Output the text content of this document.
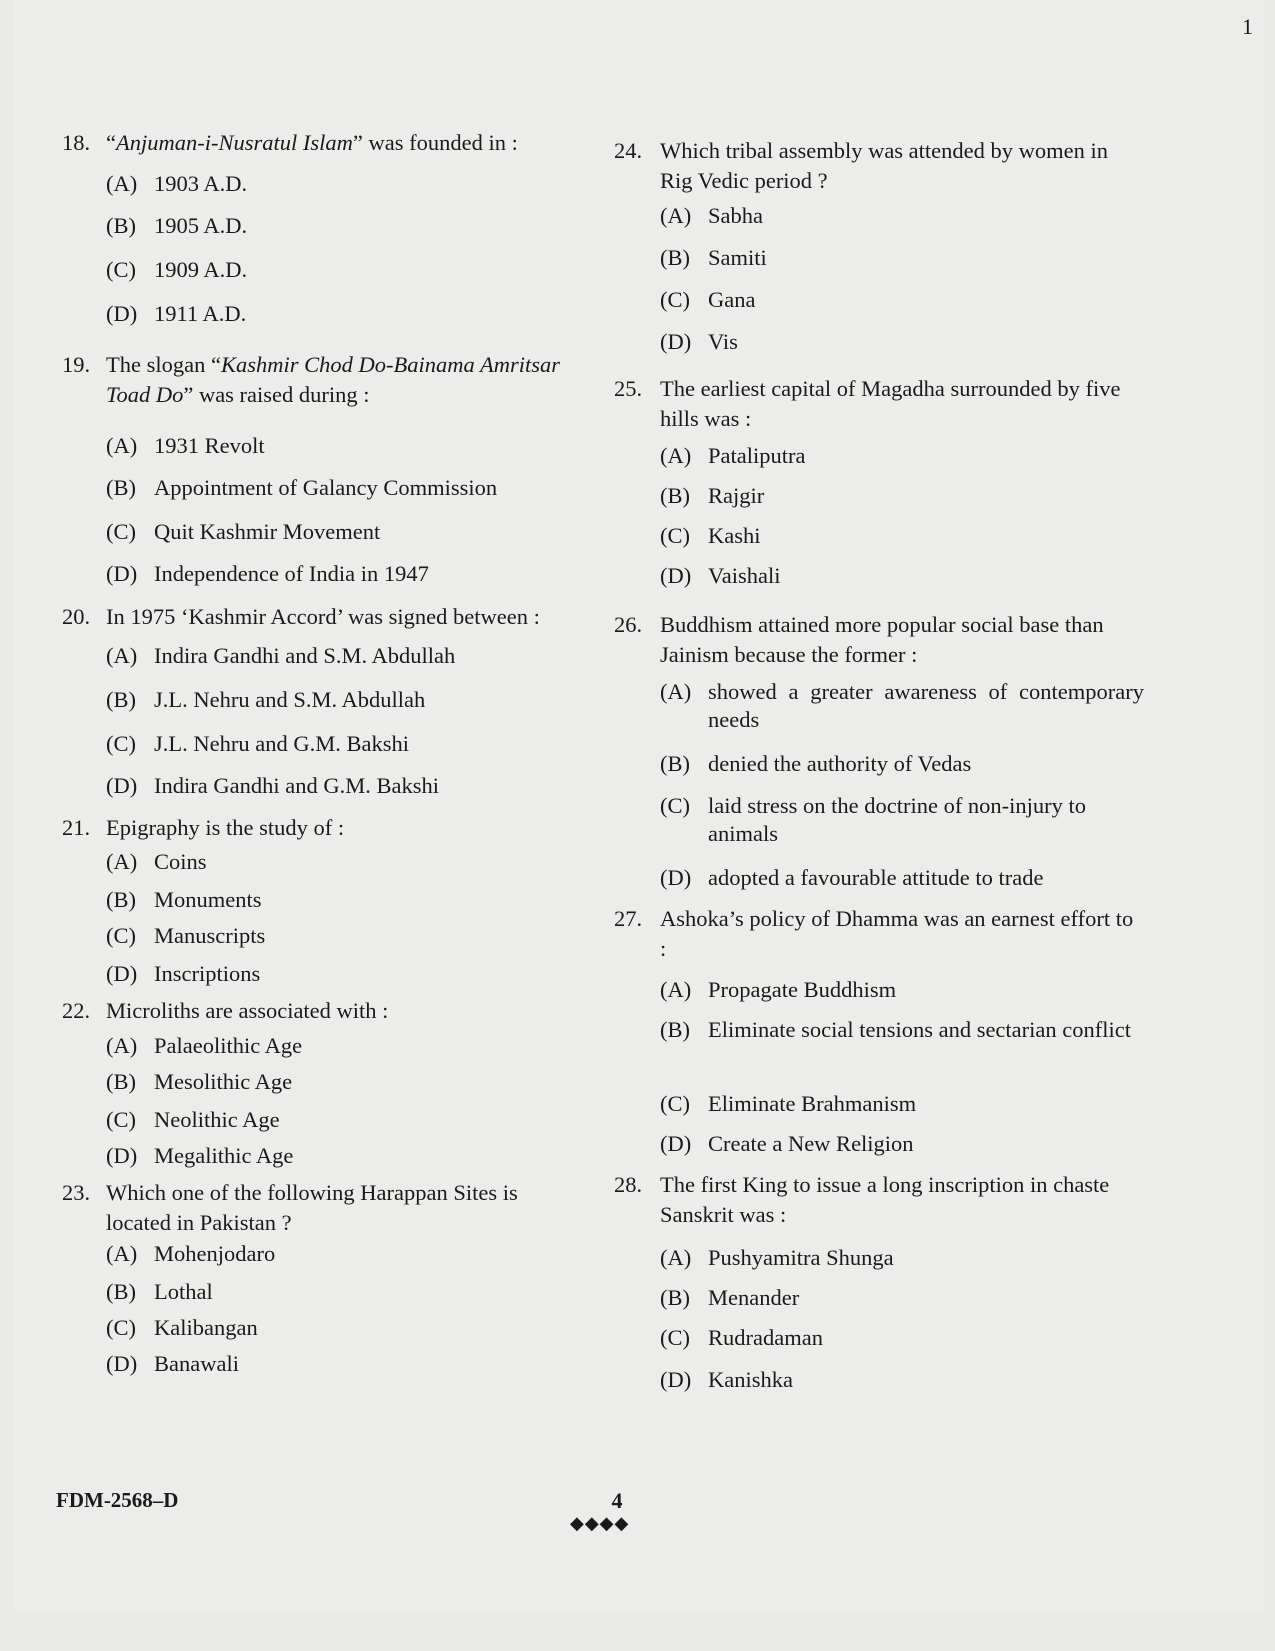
1
18. “Anjuman-i-Nusratul Islam” was founded in :
(A) 1903 A.D.
(B) 1905 A.D.
(C) 1909 A.D.
(D) 1911 A.D.
19. The slogan “Kashmir Chod Do-Bainama Amritsar Toad Do” was raised during :
(A) 1931 Revolt
(B) Appointment of Galancy Commission
(C) Quit Kashmir Movement
(D) Independence of India in 1947
20. In 1975 ‘Kashmir Accord’ was signed between :
(A) Indira Gandhi and S.M. Abdullah
(B) J.L. Nehru and S.M. Abdullah
(C) J.L. Nehru and G.M. Bakshi
(D) Indira Gandhi and G.M. Bakshi
21. Epigraphy is the study of :
(A) Coins
(B) Monuments
(C) Manuscripts
(D) Inscriptions
22. Microliths are associated with :
(A) Palaeolithic Age
(B) Mesolithic Age
(C) Neolithic Age
(D) Megalithic Age
23. Which one of the following Harappan Sites is located in Pakistan ?
(A) Mohenjodaro
(B) Lothal
(C) Kalibangan
(D) Banawali
24. Which tribal assembly was attended by women in Rig Vedic period ?
(A) Sabha
(B) Samiti
(C) Gana
(D) Vis
25. The earliest capital of Magadha surrounded by five hills was :
(A) Pataliputra
(B) Rajgir
(C) Kashi
(D) Vaishali
26. Buddhism attained more popular social base than Jainism because the former :
(A) showed a greater awareness of contemporary needs
(B) denied the authority of Vedas
(C) laid stress on the doctrine of non-injury to animals
(D) adopted a favourable attitude to trade
27. Ashoka’s policy of Dhamma was an earnest effort to :
(A) Propagate Buddhism
(B) Eliminate social tensions and sectarian conflict
(C) Eliminate Brahmanism
(D) Create a New Religion
28. The first King to issue a long inscription in chaste Sanskrit was :
(A) Pushyamitra Shunga
(B) Menander
(C) Rudradaman
(D) Kanishka
FDM-2568–D	4
◆◆◆◆
